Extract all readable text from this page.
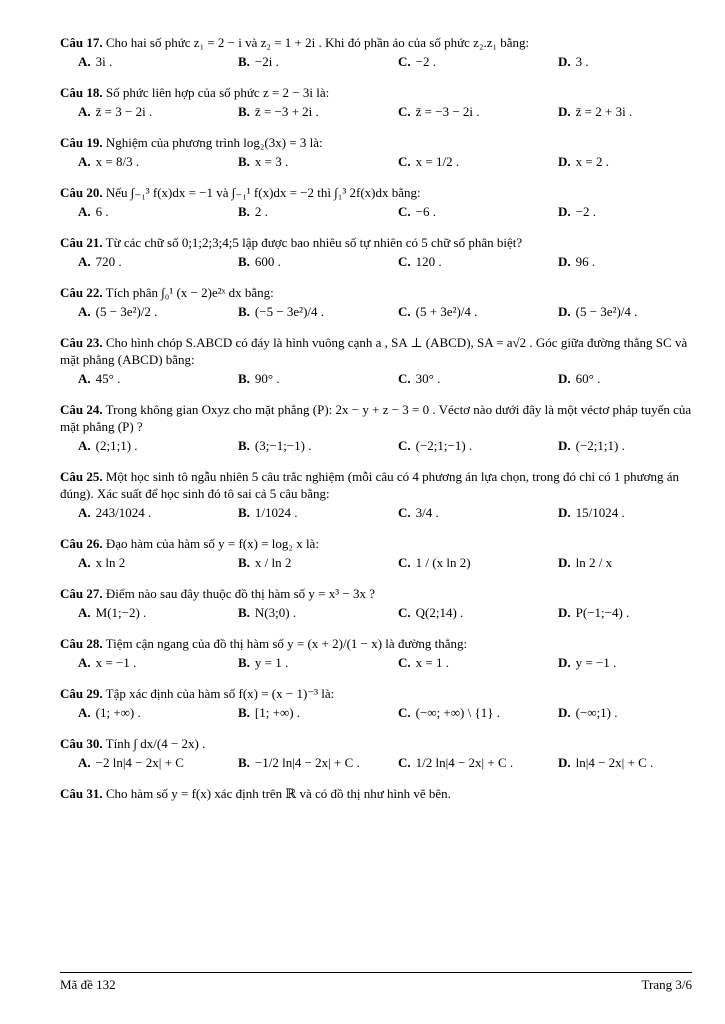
Câu 17. Cho hai số phức z₁ = 2 − i và z₂ = 1 + 2i . Khi đó phần ảo của số phức z₂.z₁ bằng:

A. 3i .	B. −2i .	C. −2 .	D. 3 .

Câu 18. Số phức liên hợp của số phức z = 2 − 3i là:

A. z̄ = 3 − 2i .	B. z̄ = −3 + 2i .	C. z̄ = −3 − 2i .	D. z̄ = 2 + 3i .

Câu 19. Nghiệm của phương trình log₂(3x) = 3 là:

A. x = 8/3 .	B. x = 3 .	C. x = 1/2 .	D. x = 2 .

Câu 20. Nếu ∫₋₁³ f(x)dx = −1 và ∫₋₁¹ f(x)dx = −2 thì ∫₁³ 2f(x)dx bằng:

A. 6 .	B. 2 .	C. −6 .	D. −2 .

Câu 21. Từ các chữ số 0;1;2;3;4;5 lập được bao nhiêu số tự nhiên có 5 chữ số phân biệt?

A. 720 .	B. 600 .	C. 120 .	D. 96 .

Câu 22. Tích phân ∫₀¹ (x − 2)e²ˣ dx bằng:

A. (5 − 3e²)/2 .	B. (−5 − 3e²)/4 .	C. (5 + 3e²)/4 .	D. (5 − 3e²)/4 .

Câu 23. Cho hình chóp S.ABCD có đáy là hình vuông cạnh a , SA ⊥ (ABCD), SA = a√2 . Góc giữa đường thẳng SC và mặt phẳng (ABCD) bằng:

A. 45° .	B. 90° .	C. 30° .	D. 60° .

Câu 24. Trong không gian Oxyz cho mặt phẳng (P): 2x − y + z − 3 = 0 . Véctơ nào dưới đây là một véctơ pháp tuyến của mặt phẳng (P) ?

A. (2;1;1) .	B. (3;−1;−1) .	C. (−2;1;−1) .	D. (−2;1;1) .

Câu 25. Một học sinh tô ngẫu nhiên 5 câu trắc nghiệm (mỗi câu có 4 phương án lựa chọn, trong đó chỉ có 1 phương án đúng). Xác suất để học sinh đó tô sai cả 5 câu bằng:

A. 243/1024 .	B. 1/1024 .	C. 3/4 .	D. 15/1024 .

Câu 26. Đạo hàm của hàm số y = f(x) = log₂ x là:

A. x ln 2	B. x / ln 2	C. 1 / (x ln 2)	D. ln 2 / x

Câu 27. Điểm nào sau đây thuộc đồ thị hàm số y = x³ − 3x ?

A. M(1;−2) .	B. N(3;0) .	C. Q(2;14) .	D. P(−1;−4) .

Câu 28. Tiệm cận ngang của đồ thị hàm số y = (x + 2)/(1 − x) là đường thẳng:

A. x = −1 .	B. y = 1 .	C. x = 1 .	D. y = −1 .

Câu 29. Tập xác định của hàm số f(x) = (x − 1)⁻³ là:

A. (1; +∞) .	B. [1; +∞) .	C. (−∞; +∞) \ {1} .	D. (−∞;1) .

Câu 30. Tính ∫ dx/(4 − 2x) .

A. −2 ln|4 − 2x| + C	B. −1/2 ln|4 − 2x| + C .	C. 1/2 ln|4 − 2x| + C .	D. ln|4 − 2x| + C .

Câu 31. Cho hàm số y = f(x) xác định trên ℝ và có đồ thị như hình vẽ bên.

Mã đề 132	Trang 3/6
